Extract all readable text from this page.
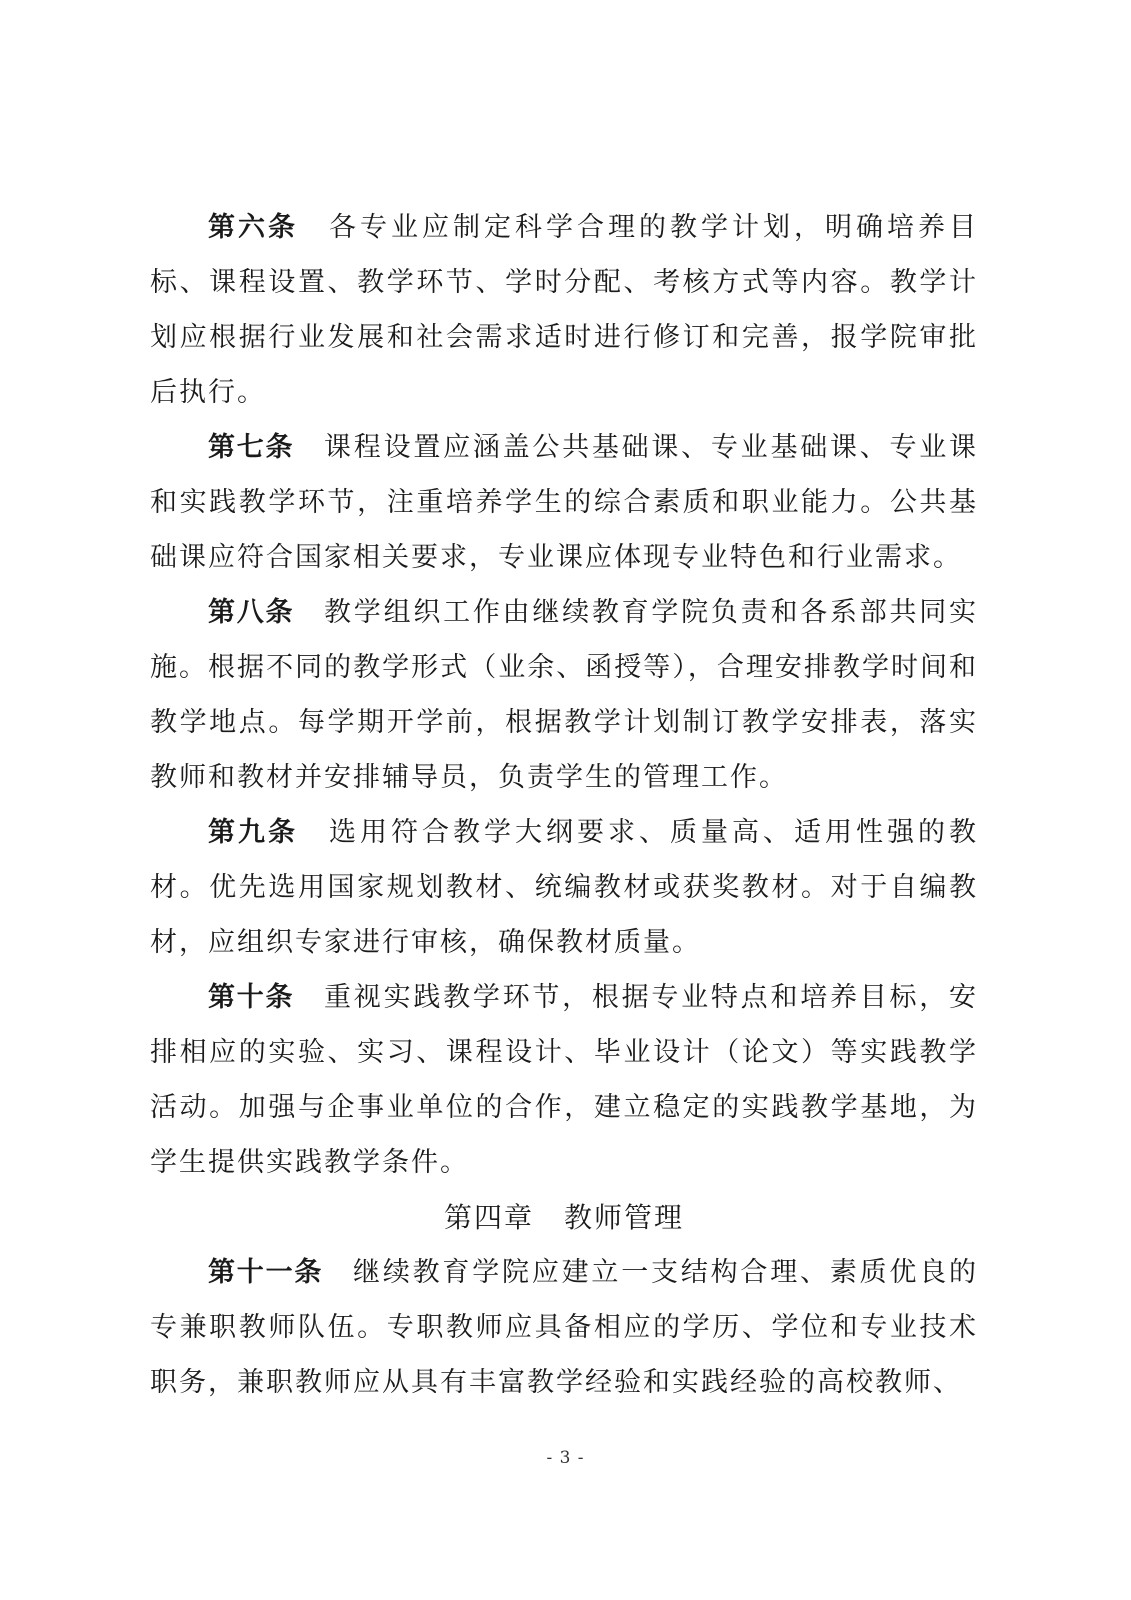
第六条　 各专业应制定科学合理的教学计划，明确培养目标、课程设置、教学环节、学时分配、考核方式等内容。教学计划应根据行业发展和社会需求适时进行修订和完善，报学院审批后执行。

第七条　 课程设置应涵盖公共基础课、专业基础课、专业课和实践教学环节，注重培养学生的综合素质和职业能力。公共基础课应符合国家相关要求，专业课应体现专业特色和行业需求。

第八条　 教学组织工作由继续教育学院负责和各系部共同实施。根据不同的教学形式（业余、函授等），合理安排教学时间和教学地点。每学期开学前，根据教学计划制订教学安排表，落实教师和教材并安排辅导员，负责学生的管理工作。

第九条　 选用符合教学大纲要求、质量高、适用性强的教材。优先选用国家规划教材、统编教材或获奖教材。对于自编教材，应组织专家进行审核，确保教材质量。

第十条　 重视实践教学环节，根据专业特点和培养目标，安排相应的实验、实习、课程设计、毕业设计（论文）等实践教学活动。加强与企事业单位的合作，建立稳定的实践教学基地，为学生提供实践教学条件。

第四章　教师管理

第十一条　 继续教育学院应建立一支结构合理、素质优良的专兼职教师队伍。专职教师应具备相应的学历、学位和专业技术职务，兼职教师应从具有丰富教学经验和实践经验的高校教师、

- 3 -
